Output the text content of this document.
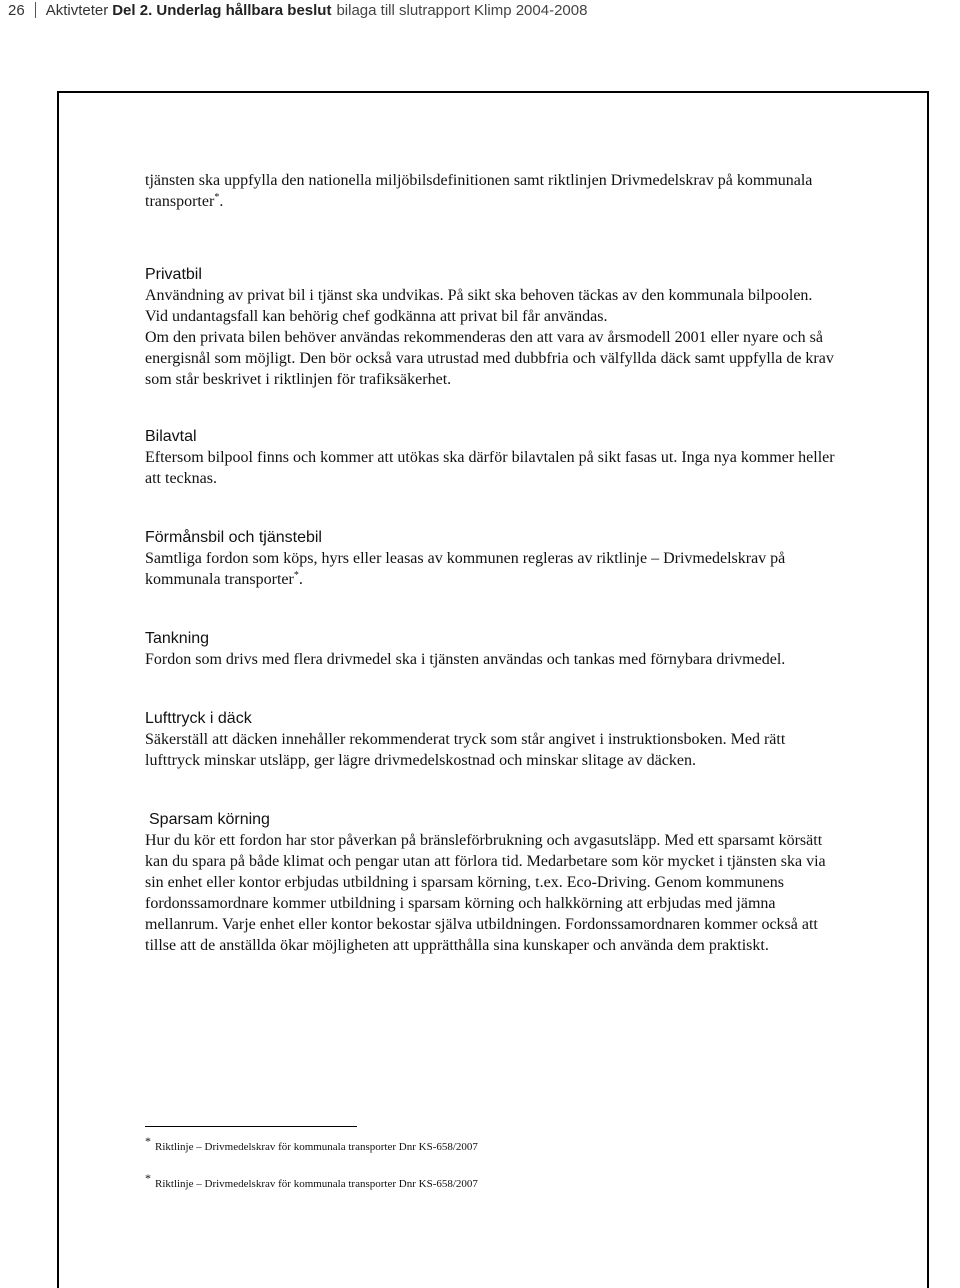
26 Aktivteter Del 2. Underlag hållbara beslut bilaga till slutrapport Klimp 2004-2008

tjänsten ska uppfylla den nationella miljöbilsdefinitionen samt riktlinjen Drivmedelskrav på kommunala transporter*.

Privatbil

Användning av privat bil i tjänst ska undvikas. På sikt ska behoven täckas av den kommunala bilpoolen.

Vid undantagsfall kan behörig chef godkänna att privat bil får användas.

Om den privata bilen behöver användas rekommenderas den att vara av årsmodell 2001 eller nyare och så energisnål som möjligt. Den bör också vara utrustad med dubbfria och välfyllda däck samt uppfylla de krav som står beskrivet i riktlinjen för trafiksäkerhet.

Bilavtal

Eftersom bilpool finns och kommer att utökas ska därför bilavtalen på sikt fasas ut. Inga nya kommer heller att tecknas.

Förmånsbil och tjänstebil

Samtliga fordon som köps, hyrs eller leasas av kommunen regleras av riktlinje – Drivmedelskrav på kommunala transporter*.

Tankning

Fordon som drivs med flera drivmedel ska i tjänsten användas och tankas med förnybara drivmedel.

Lufttryck i däck

Säkerställ att däcken innehåller rekommenderat tryck som står angivet i instruktionsboken. Med rätt lufttryck minskar utsläpp, ger lägre drivmedelskostnad och minskar slitage av däcken.

Sparsam körning

Hur du kör ett fordon har stor påverkan på bränsleförbrukning och avgasutsläpp. Med ett sparsamt körsätt kan du spara på både klimat och pengar utan att förlora tid. Medarbetare som kör mycket i tjänsten ska via sin enhet eller kontor erbjudas utbildning i sparsam körning, t.ex. Eco-Driving. Genom kommunens fordonssamordnare kommer utbildning i sparsam körning och halkkörning att erbjudas med jämna mellanrum. Varje enhet eller kontor bekostar själva utbildningen. Fordonssamordnaren kommer också att tillse att de anställda ökar möjligheten att upprätthålla sina kunskaper och använda dem praktiskt.

* Riktlinje – Drivmedelskrav för kommunala transporter Dnr KS-658/2007
* Riktlinje – Drivmedelskrav för kommunala transporter Dnr KS-658/2007
